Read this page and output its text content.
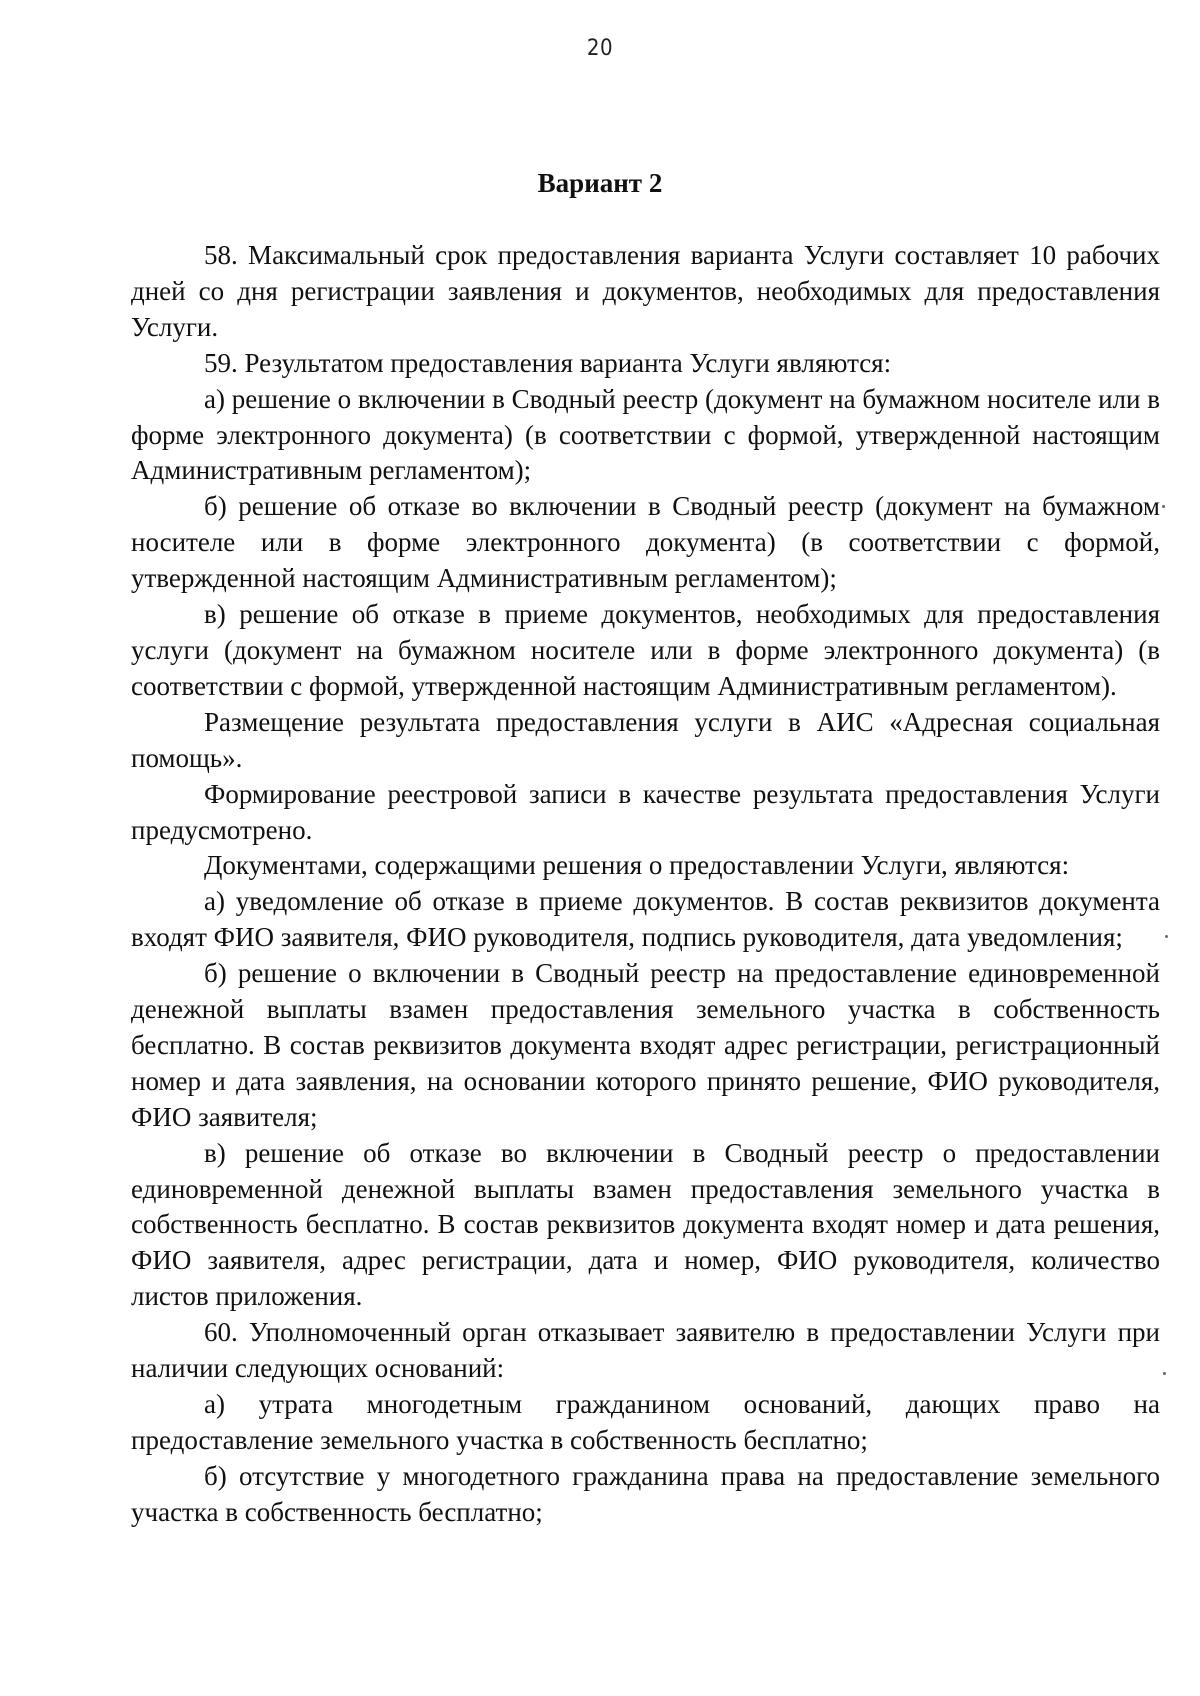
20
Вариант 2

58. Максимальный срок предоставления варианта Услуги составляет 10 рабочих дней со дня регистрации заявления и документов, необходимых для предоставления Услуги.

59. Результатом предоставления варианта Услуги являются:

а) решение о включении в Сводный реестр (документ на бумажном носителе или в форме электронного документа) (в соответствии с формой, утвержденной настоящим Административным регламентом);

б) решение об отказе во включении в Сводный реестр (документ на бумажном носителе или в форме электронного документа) (в соответствии с формой, утвержденной настоящим Административным регламентом);

в) решение об отказе в приеме документов, необходимых для предоставления услуги (документ на бумажном носителе или в форме электронного документа) (в соответствии с формой, утвержденной настоящим Административным регламентом).

Размещение результата предоставления услуги в АИС «Адресная социальная помощь».

Формирование реестровой записи в качестве результата предоставления Услуги предусмотрено.

Документами, содержащими решения о предоставлении Услуги, являются:

а) уведомление об отказе в приеме документов. В состав реквизитов документа входят ФИО заявителя, ФИО руководителя, подпись руководителя, дата уведомления;

б) решение о включении в Сводный реестр на предоставление единовременной денежной выплаты взамен предоставления земельного участка в собственность бесплатно. В состав реквизитов документа входят адрес регистрации, регистрационный номер и дата заявления, на основании которого принято решение, ФИО руководителя, ФИО заявителя;

в) решение об отказе во включении в Сводный реестр о предоставлении единовременной денежной выплаты взамен предоставления земельного участка в собственность бесплатно. В состав реквизитов документа входят номер и дата решения, ФИО заявителя, адрес регистрации, дата и номер, ФИО руководителя, количество листов приложения.

60. Уполномоченный орган отказывает заявителю в предоставлении Услуги при наличии следующих оснований:

а) утрата многодетным гражданином оснований, дающих право на предоставление земельного участка в собственность бесплатно;

б) отсутствие у многодетного гражданина права на предоставление земельного участка в собственность бесплатно;
